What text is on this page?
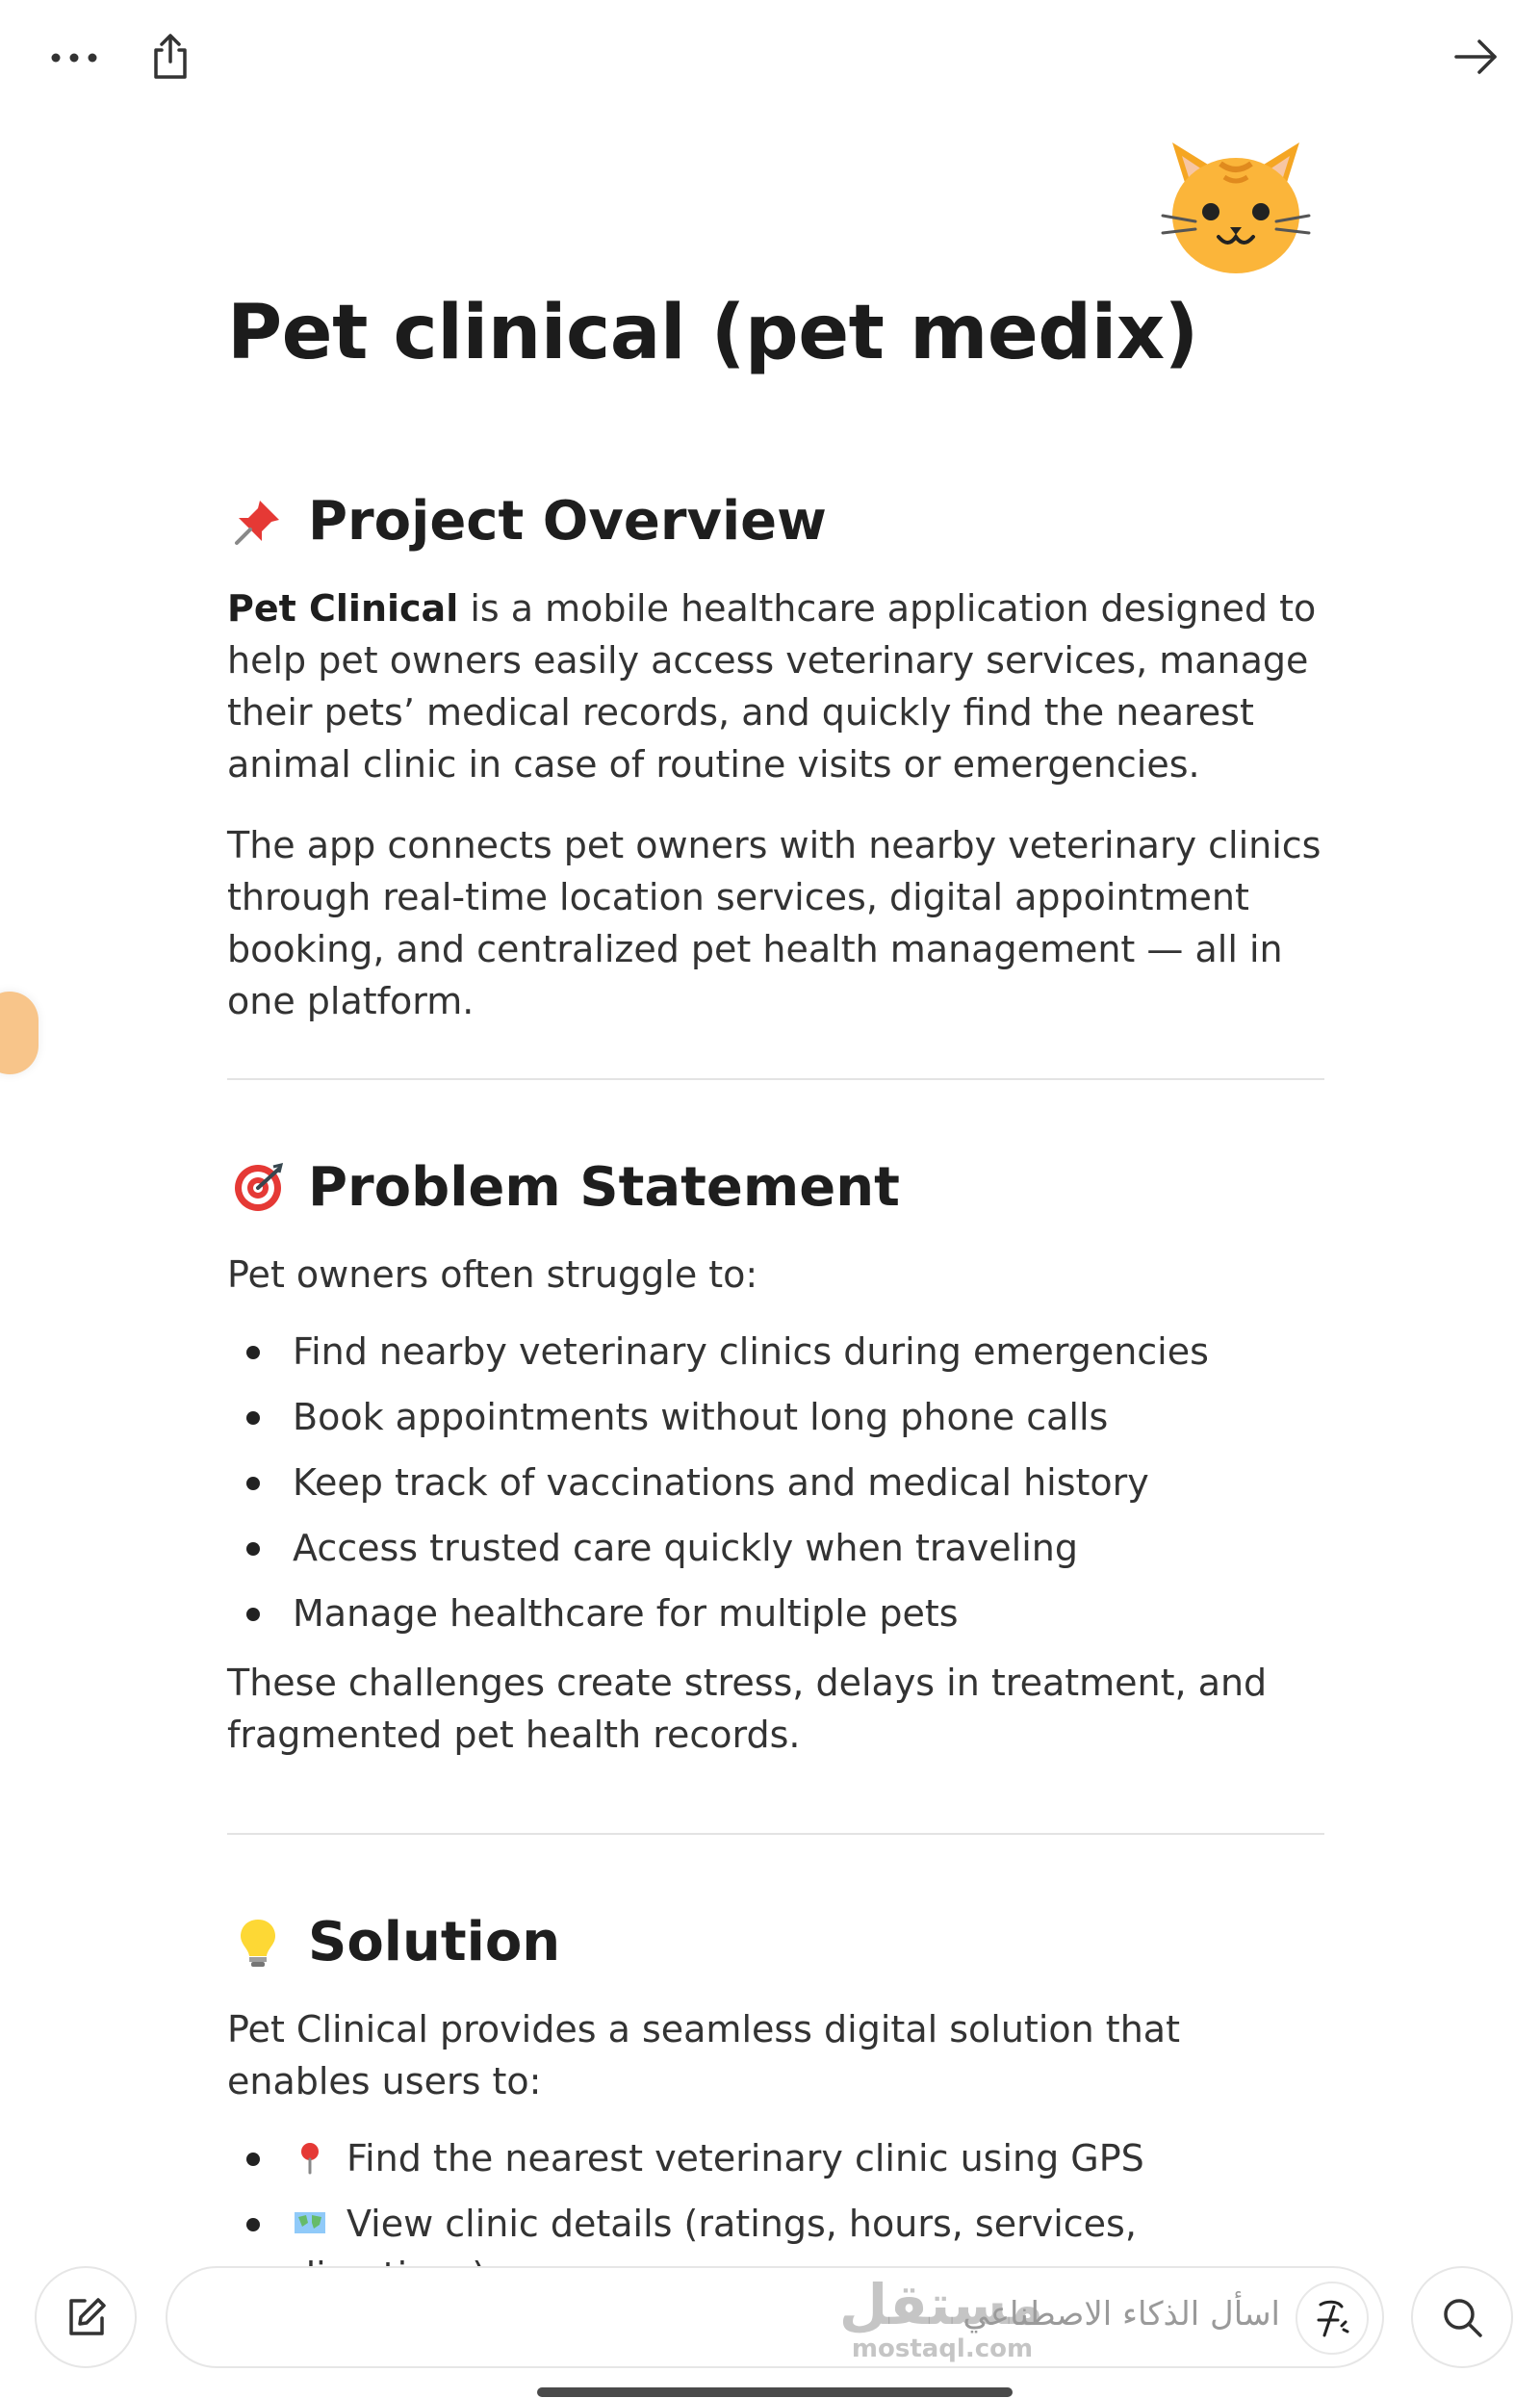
Pet clinical (pet medix)
Project Overview

Pet Clinical is a mobile healthcare application designed to help pet owners easily access veterinary services, manage their pets’ medical records, and quickly find the nearest animal clinic in case of routine visits or emergencies.

The app connects pet owners with nearby veterinary clinics through real-time location services, digital appointment booking, and centralized pet health management — all in one platform.

Problem Statement

Pet owners often struggle to:

Find nearby veterinary clinics during emergencies
Book appointments without long phone calls
Keep track of vaccinations and medical history
Access trusted care quickly when traveling
Manage healthcare for multiple pets

These challenges create stress, delays in treatment, and fragmented pet health records.

Solution

Pet Clinical provides a seamless digital solution that enables users to:

Find the nearest veterinary clinic using GPS
View clinic details (ratings, hours, services,
مستقل
mostaql.com
اسأل الذكاء الاصطناعي
